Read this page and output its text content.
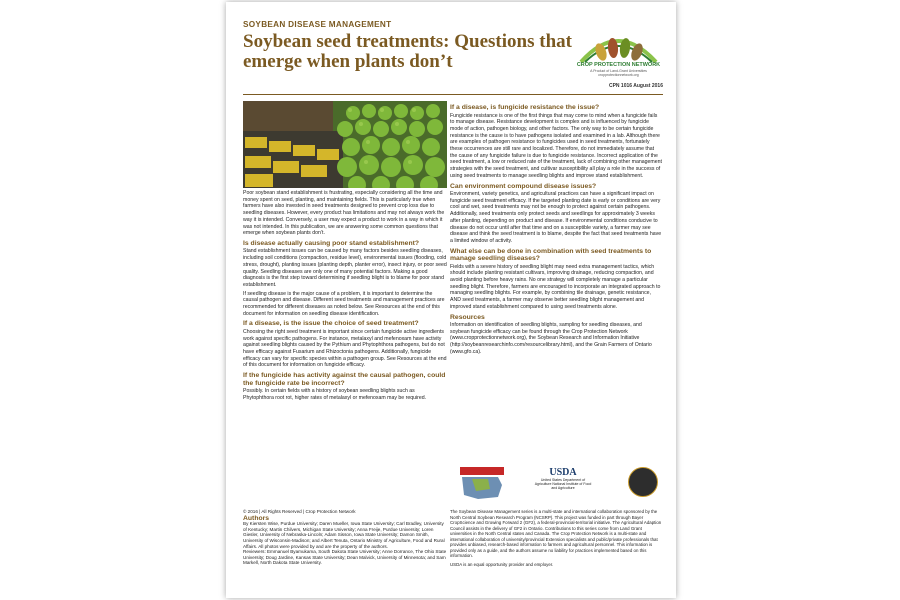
SOYBEAN DISEASE MANAGEMENT
Soybean seed treatments: Questions that emerge when plants don’t	CROP PROTECTION NETWORK
A Product of Land-Grant Universities
cropprotectionnetwork.org
CPN 1016 August 2016

Poor soybean stand establishment is frustrating, especially considering all the time and money spent on seed, planting, and maintaining fields. This is particularly true when farmers have also invested in seed treatments designed to prevent crop loss due to seedling diseases. However, every product has limitations and may not always work the way it is intended. Conversely, a user may expect a product to work in a way in which it was not intended. In this publication, we are answering some common questions that emerge when soybean plants don’t.

Is disease actually causing poor stand establishment?

Stand establishment issues can be caused by many factors besides seedling diseases, including soil conditions (compaction, residue level), environmental issues (flooding, cold stress, drought), planting issues (planting depth, planter error), insect injury, or poor seed quality. Seedling diseases are only one of many potential factors. Making a good diagnosis is the first step toward determining if seedling blight is to blame for poor stand establishment.

If seedling disease is the major cause of a problem, it is important to determine the causal pathogen and disease. Different seed treatments and management practices are recommended for different diseases as noted below. See Resources at the end of this document for information on seedling disease identification.

If a disease, is the issue the choice of seed treatment?

Choosing the right seed treatment is important since certain fungicide active ingredients work against specific pathogens. For instance, metalaxyl and mefenoxam have activity against seedling blights caused by the Pythium and Phytophthora pathogens, but do not have efficacy against Fusarium and Rhizoctonia pathogens. Additionally, fungicide efficacy can vary for specific species within a pathogen group. See Resources at the end of this document for information on fungicide efficacy.

If the fungicide has activity against the causal pathogen, could the fungicide rate be incorrect?

Possibly. In certain fields with a history of soybean seedling blights such as Phytophthora root rot, higher rates of metalaxyl or mefenoxam may be required.

If a disease, is fungicide resistance the issue?

Fungicide resistance is one of the first things that may come to mind when a fungicide fails to manage disease. Resistance development is complex and is influenced by fungicide mode of action, pathogen biology, and other factors. The only way to be certain fungicide resistance is the cause is to have pathogens isolated and examined in a lab. Although there are examples of pathogen resistance to fungicides used in seed treatments, fortunately these occurrences are still rare and localized. Therefore, do not immediately assume that the cause of any fungicide failure is due to fungicide resistance. Incorrect application of the seed treatment, a low or reduced rate of the treatment, lack of combining other management strategies with the seed treatment, and cultivar susceptibility all play a role in the success of using seed treatments to manage seedling blights and improve stand establishment.

Can environment compound disease issues?

Environment, variety genetics, and agricultural practices can have a significant impact on fungicide seed treatment efficacy. If the targeted planting date is early or conditions are very cool and wet, seed treatments may not be enough to protect against certain pathogens. Additionally, seed treatments only protect seeds and seedlings for approximately 3 weeks after planting, depending on product and disease. If environmental conditions conducive to disease do not occur until after that time and on a susceptible variety, a farmer may see disease and think the seed treatment is to blame, despite the fact that seed treatments have a limited window of activity.

What else can be done in combination with seed treatments to manage seedling diseases?

Fields with a severe history of seedling blight may need extra management tactics, which should include planting resistant cultivars, improving drainage, reducing compaction, and avoid planting before heavy rains. No one strategy will completely manage a particular seedling blight. Therefore, farmers are encouraged to incorporate an integrated approach to managing seedling blights. For example, by combining tile drainage, genetic resistance, AND seed treatments, a farmer may observe better seedling blight management and improved stand establishment compared to using seed treatments alone.

Resources

Information on identification of seedling blights, sampling for seedling diseases, and soybean fungicide efficacy can be found through the Crop Protection Network (www.cropprotectionnetwork.org), the Soybean Research and Information Initiative (http://soybeanresearchinfo.com/resourcelibrary.html), and the Grain Farmers of Ontario (www.gfo.ca).

USDA
United States Department of Agriculture National Institute of Food and Agriculture
© 2016 | All Rights Reserved | Crop Protection Network
Authors
By Kiersten Wise, Purdue University; Daren Mueller, Iowa State University; Carl Bradley, University of Kentucky; Martin Chilvers, Michigan State University; Anna Freije, Purdue University; Loren Giesler, University of Nebraska-Lincoln; Adam Sisson, Iowa State University; Damon Smith, University of Wisconsin-Madison; and Albert Tenuta, Ontario Ministry of Agriculture, Food and Rural Affairs. All photos were provided by and are the property of the authors.
Reviewers: Emmanuel Byamukama, South Dakota State University; Anne Dorrance, The Ohio State University; Doug Jardine, Kansas State University; Dean Malvick, University of Minnesota; and Sam Markell, North Dakota State University.
The Soybean Disease Management series is a multi-state and international collaboration sponsored by the North Central Soybean Research Program (NCSRP). This project was funded in part through Bayer CropScience and Growing Forward 2 (GF2), a federal-provincial-territorial initiative. The Agricultural Adaption Council assists in the delivery of GF2 in Ontario. Contributions to this series come from Land Grant universities in the North Central states and Canada. The Crop Protection Network is a multi-state and international collaboration of university/provincial Extension specialists and public/private professionals that provides unbiased, research-based information to farmers and agricultural personnel. This information is provided only as a guide, and the authors assume no liability for practices implemented based on this information.
USDA is an equal opportunity provider and employer.
